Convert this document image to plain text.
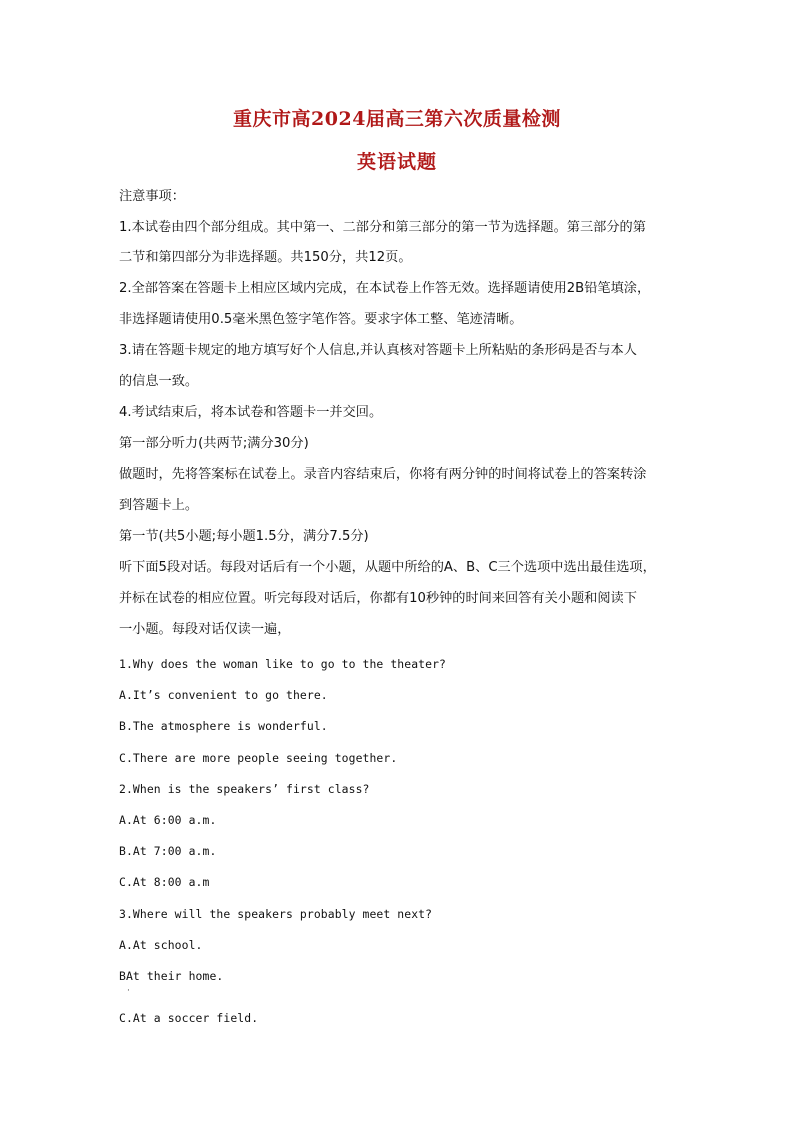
重庆市高2024届高三第六次质量检测
英语试题
注意事项：
1.本试卷由四个部分组成。其中第一、二部分和第三部分的第一节为选择题。第三部分的第
二节和第四部分为非选择题。共150分，共12页。
2.全部答案在答题卡上相应区域内完成，在本试卷上作答无效。选择题请使用2B铅笔填涂，
非选择题请使用0.5毫米黑色签字笔作答。要求字体工整、笔迹清晰。
3.请在答题卡规定的地方填写好个人信息,并认真核对答题卡上所粘贴的条形码是否与本人
的信息一致。
4.考试结束后，将本试卷和答题卡一并交回。
第一部分听力(共两节;满分30分)
做题时，先将答案标在试卷上。录音内容结束后，你将有两分钟的时间将试卷上的答案转涂
到答题卡上。
第一节(共5小题;每小题1.5分，满分7.5分)
听下面5段对话。每段对话后有一个小题，从题中所给的A、B、C三个选项中选出最佳选项，
并标在试卷的相应位置。听完每段对话后，你都有10秒钟的时间来回答有关小题和阅读下
一小题。每段对话仅读一遍，
1.Why does the woman like to go to the theater?
A.It’s convenient to go there.
B.The atmosphere is wonderful.
C.There are more people seeing together.
2.When is the speakers’ first class?
A.At 6:00 a.m.
B.At 7:00 a.m.
C.At 8:00 a.m
3.Where will the speakers probably meet next?
A.At school.
BAt their home.
·
C.At a soccer field.
